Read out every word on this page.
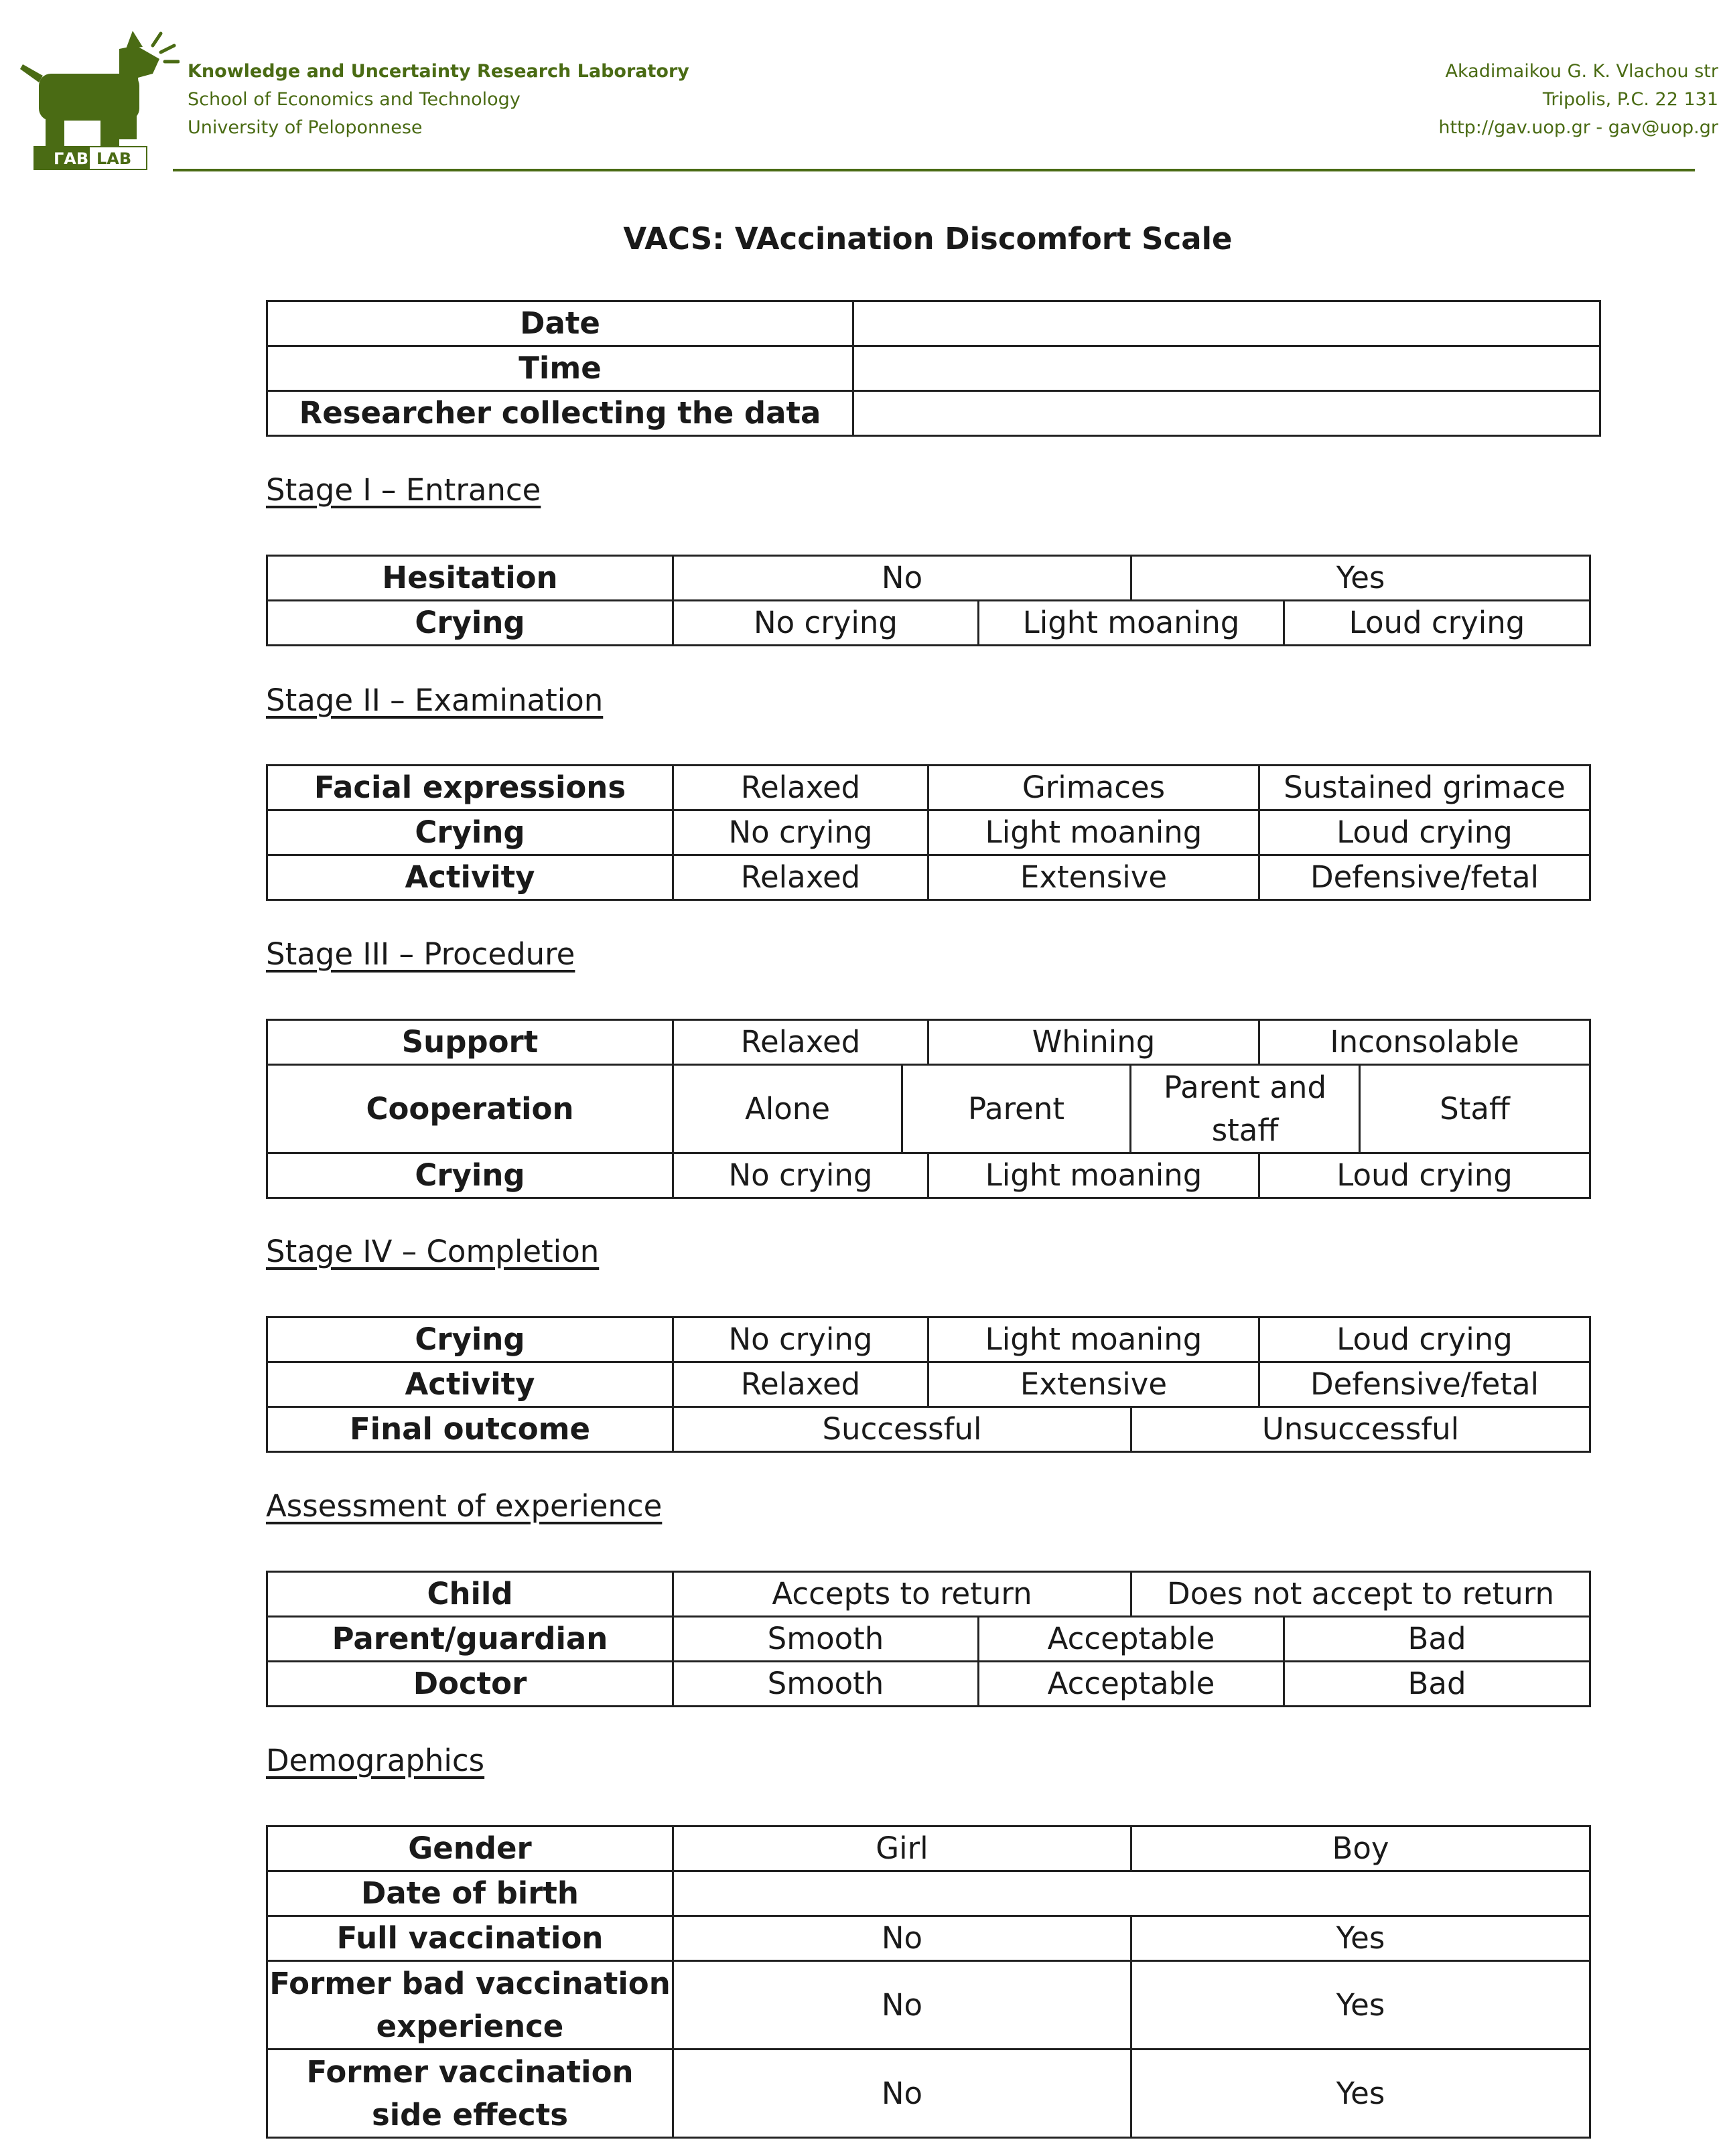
ΓΑΒ LAB
Knowledge and Uncertainty Research Laboratory
School of Economics and Technology
University of Peloponnese
Akadimaikou G. K. Vlachou str
Tripolis, P.C. 22 131
http://gav.uop.gr - gav@uop.gr
VACS: VAccination Discomfort Scale
Date	
Time	
Researcher collecting the data	
Stage I – Entrance
Hesitation	No		Yes	
Crying	No crying	Light moaning		Loud crying
Stage II – Examination
Facial expressions	Relaxed	Grimaces	Sustained grimace
Crying	No crying	Light moaning	Loud crying
Activity	Relaxed	Extensive	Defensive/fetal
Stage III – Procedure
Support	Relaxed		Whining		Inconsolable	
Cooperation	Alone	Parent		Parent and staff		Staff
Crying	No crying		Light moaning		Loud crying	
Stage IV – Completion
Crying	No crying	Light moaning		Loud crying
Activity	Relaxed	Extensive		Defensive/fetal
Final outcome	Successful		Unsuccessful	
Assessment of experience
Child	Accepts to return		Does not accept to return	
Parent/guardian	Smooth	Acceptable		Bad
Doctor	Smooth	Acceptable		Bad
Demographics
Gender	Girl	Boy
Date of birth		
Full vaccination	No	Yes
Former bad vaccination experience	No	Yes
Former vaccination side effects	No	Yes
